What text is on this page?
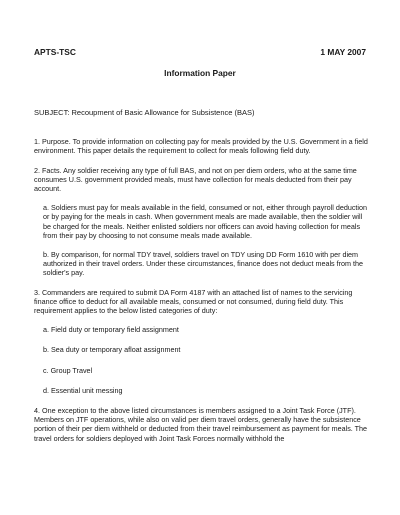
APTS-TSC	1 MAY 2007
Information Paper

SUBJECT: Recoupment of Basic Allowance for Subsistence (BAS)

1. Purpose. To provide information on collecting pay for meals provided by the U.S. Government in a field environment. This paper details the requirement to collect for meals following field duty.

2. Facts. Any soldier receiving any type of full BAS, and not on per diem orders, who at the same time consumes U.S. government provided meals, must have collection for meals deducted from their pay account.

a. Soldiers must pay for meals available in the field, consumed or not, either through payroll deduction or by paying for the meals in cash. When government meals are made available, then the soldier will be charged for the meals. Neither enlisted soldiers nor officers can avoid having collection for meals from their pay by choosing to not consume meals made available.

b. By comparison, for normal TDY travel, soldiers travel on TDY using DD Form 1610 with per diem authorized in their travel orders. Under these circumstances, finance does not deduct meals from the soldier's pay.

3. Commanders are required to submit DA Form 4187 with an attached list of names to the servicing finance office to deduct for all available meals, consumed or not consumed, during field duty. This requirement applies to the below listed categories of duty:

a. Field duty or temporary field assignment
b. Sea duty or temporary afloat assignment
c. Group Travel
d. Essential unit messing

4. One exception to the above listed circumstances is members assigned to a Joint Task Force (JTF). Members on JTF operations, while also on valid per diem travel orders, generally have the subsistence portion of their per diem withheld or deducted from their travel reimbursement as payment for meals. The travel orders for soldiers deployed with Joint Task Forces normally withhold the
